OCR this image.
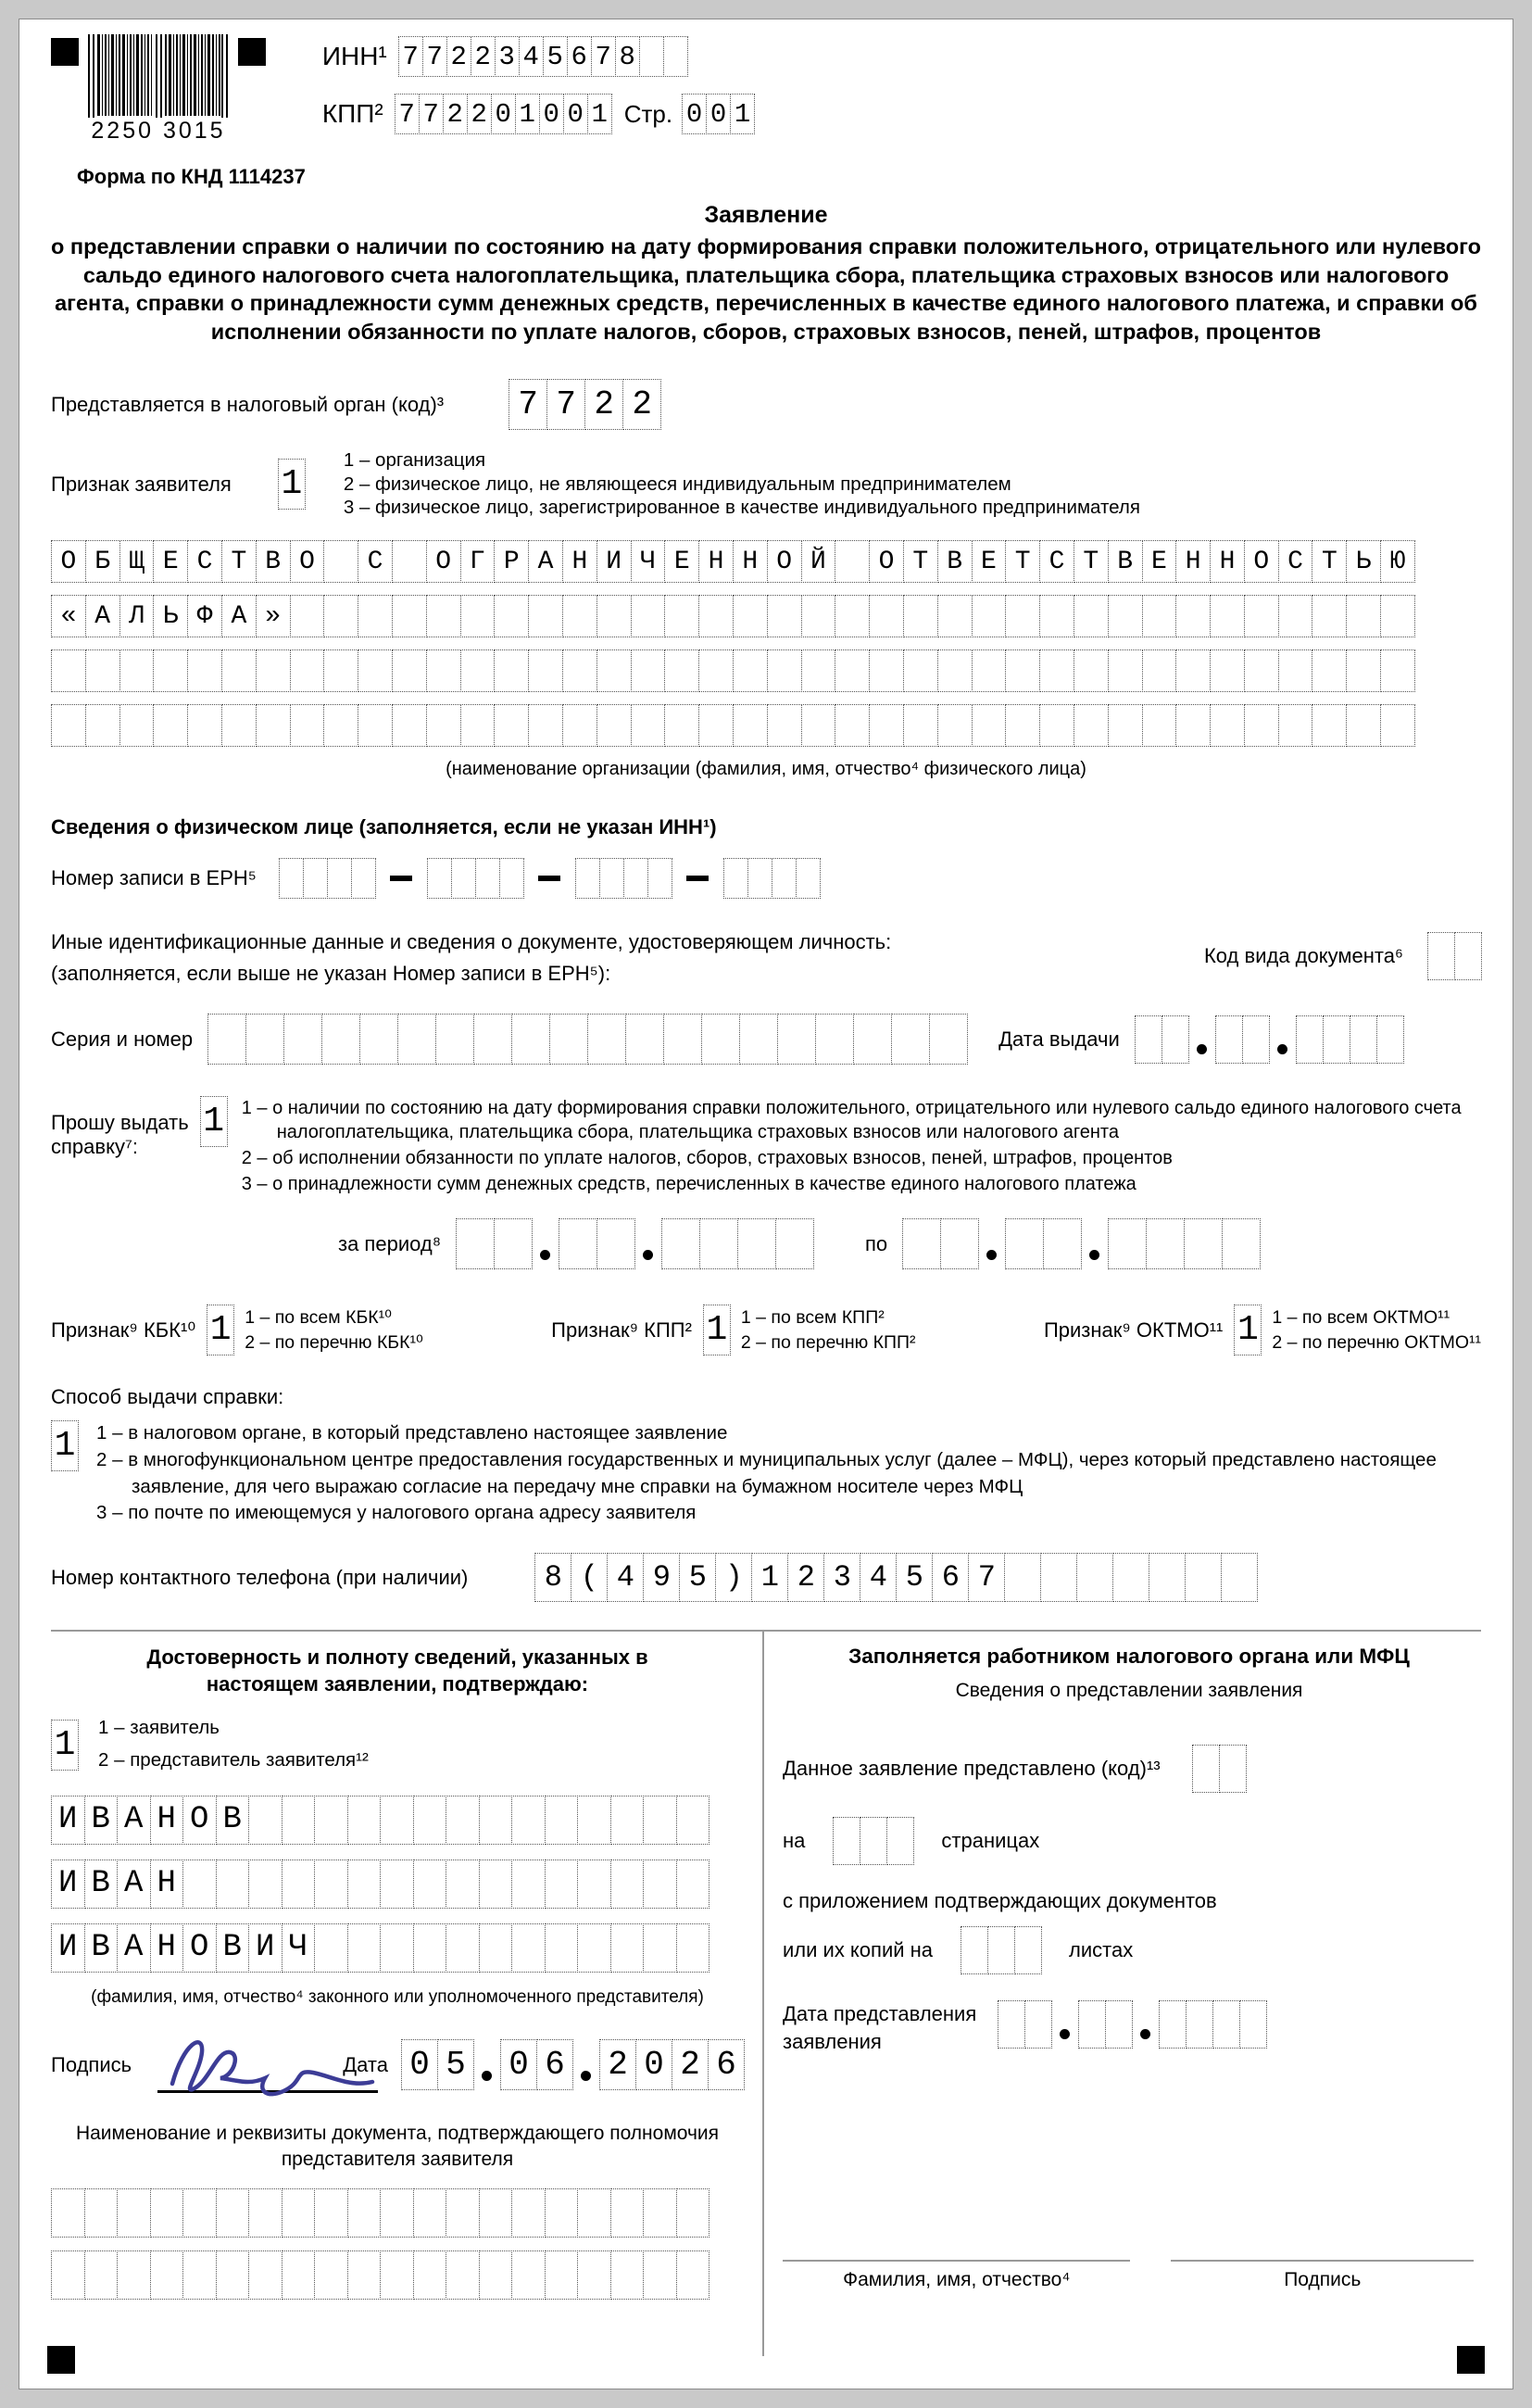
2250 3015
Форма по КНД 1114237
ИНН¹ 7 7 2 2 3 4 5 6 7 8
КПП² 7 7 2 2 0 1 0 0 1 Стр. 0 0 1
Заявление
о представлении справки о наличии по состоянию на дату формирования справки положительного, отрицательного или нулевого сальдо единого налогового счета налогоплательщика, плательщика сбора, плательщика страховых взносов или налогового агента, справки о принадлежности сумм денежных средств, перечисленных в качестве единого налогового платежа, и справки об исполнении обязанности по уплате налогов, сборов, страховых взносов, пеней, штрафов, процентов
Представляется в налоговый орган (код)³ 7 7 2 2
Признак заявителя 1
1 – организация
2 – физическое лицо, не являющееся индивидуальным предпринимателем
3 – физическое лицо, зарегистрированное в качестве индивидуального предпринимателя
О Б Щ Е С Т В О	С	О Г Р А Н И Ч Е Н Н О Й	О Т В Е Т С Т В Е Н Н О С Т Ь Ю

« А Л Ь Ф А »

(наименование организации (фамилия, имя, отчество⁴ физического лица)
Сведения о физическом лице (заполняется, если не указан ИНН¹)
Номер записи в ЕРН⁵
Иные идентификационные данные и сведения о документе, удостоверяющем личность:
(заполняется, если выше не указан Номер записи в ЕРН⁵):
Код вида документа⁶
Серия и номер	Дата выдачи
Прошу выдать справку⁷:
1 1 – о наличии по состоянию на дату формирования справки положительного, отрицательного или нулевого сальдо единого налогового счета налогоплательщика, плательщика сбора, плательщика страховых взносов или налогового агента
2 – об исполнении обязанности по уплате налогов, сборов, страховых взносов, пеней, штрафов, процентов
3 – о принадлежности сумм денежных средств, перечисленных в качестве единого налогового платежа
за период⁸	по
Признак⁹ КБК¹⁰ 1 1 – по всем КБК¹⁰
2 – по перечню КБК¹⁰
Признак⁹ КПП² 1 1 – по всем КПП²
2 – по перечню КПП²
Признак⁹ ОКТМО¹¹ 1 1 – по всем ОКТМО¹¹
2 – по перечню ОКТМО¹¹
Способ выдачи справки:
1 1 – в налоговом органе, в который представлено настоящее заявление
2 – в многофункциональном центре предоставления государственных и муниципальных услуг (далее – МФЦ), через который представлено настоящее заявление, для чего выражаю согласие на передачу мне справки на бумажном носителе через МФЦ
3 – по почте по имеющемуся у налогового органа адресу заявителя
Номер контактного телефона (при наличии)	8 ( 4 9 5 ) 1 2 3 4 5 6 7
Достоверность и полноту сведений, указанных в настоящем заявлении, подтверждаю:
1 1 – заявитель
2 – представитель заявителя¹²
И В А Н О В

И В А Н

И В А Н О В И Ч
(фамилия, имя, отчество⁴ законного или уполномоченного представителя)
Подпись	Дата 0 5 0 6 2 0 2 6
Наименование и реквизиты документа, подтверждающего полномочия представителя заявителя

Заполняется работником налогового органа или МФЦ
Сведения о представлении заявления
Данное заявление представлено (код)¹³
на	страницах
с приложением подтверждающих документов
или их копий на	листах
Дата представления заявления
Фамилия, имя, отчество⁴	Подпись
